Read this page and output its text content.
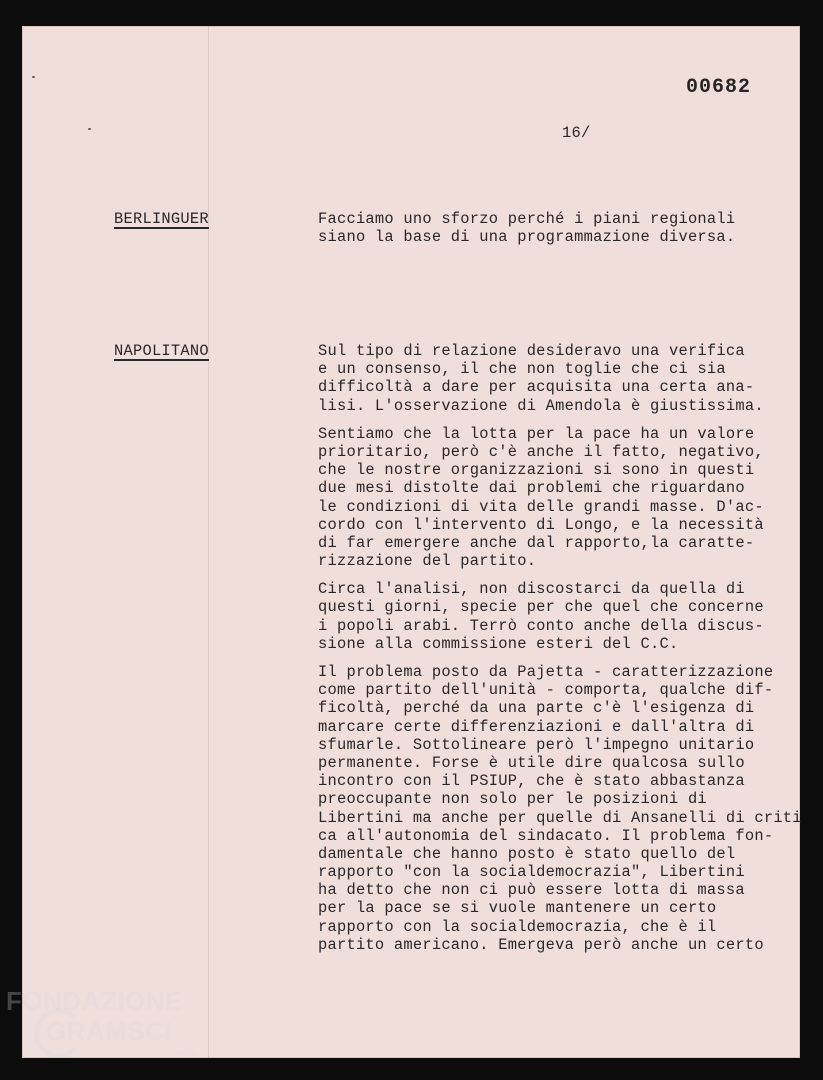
00682
16/
BERLINGUER	Facciamo uno sforzo perché i piani regionali
siano la base di una programmazione diversa.
NAPOLITANO	Sul tipo di relazione desideravo una verifica
e un consenso, il che non toglie che ci sia
difficoltà a dare per acquisita una certa ana-
lisi. L'osservazione di Amendola è giustissima.
Sentiamo che la lotta per la pace ha un valore
prioritario, però c'è anche il fatto, negativo,
che le nostre organizzazioni si sono in questi
due mesi distolte dai problemi che riguardano
le condizioni di vita delle grandi masse. D'ac-
cordo con l'intervento di Longo, e la necessità
di far emergere anche dal rapporto,la caratte-
rizzazione del partito.
Circa l'analisi, non discostarci da quella di
questi giorni, specie per che quel che concerne
i popoli arabi. Terrò conto anche della discus-
sione alla commissione esteri del C.C.
Il problema posto da Pajetta - caratterizzazione
come partito dell'unità - comporta, qualche dif-
ficoltà, perché da una parte c'è l'esigenza di
marcare certe differenziazioni e dall'altra di
sfumarle. Sottolineare però l'impegno unitario
permanente. Forse è utile dire qualcosa sullo
incontro con il PSIUP, che è stato abbastanza
preoccupante non solo per le posizioni di
Libertini ma anche per quelle di Ansanelli di criti
ca all'autonomia del sindacato. Il problema fon-
damentale che hanno posto è stato quello del
rapporto "con la socialdemocrazia", Libertini
ha detto che non ci può essere lotta di massa
per la pace se si vuole mantenere un certo
rapporto con la socialdemocrazia, che è il
partito americano. Emergeva però anche un certo
FONDAZIONE
GRAMSCI
onlus
